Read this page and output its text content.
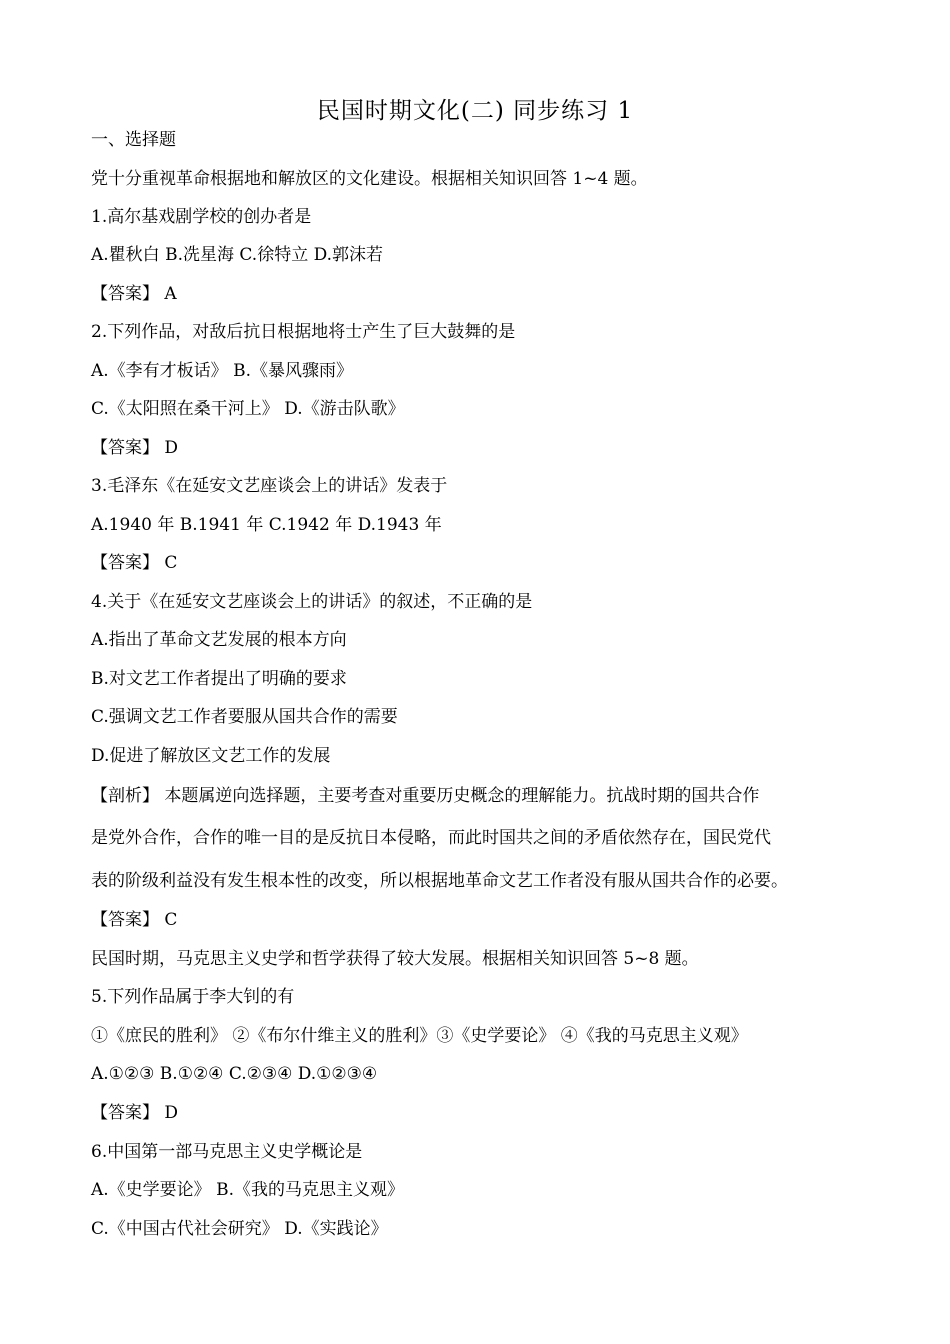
民国时期文化(二) 同步练习 1
一、选择题
党十分重视革命根据地和解放区的文化建设。根据相关知识回答 1~4 题。
1.高尔基戏剧学校的创办者是
A.瞿秋白 B.冼星海 C.徐特立 D.郭沫若
【答案】 A
2.下列作品，对敌后抗日根据地将士产生了巨大鼓舞的是
A.《李有才板话》 B.《暴风骤雨》
C.《太阳照在桑干河上》 D.《游击队歌》
【答案】 D
3.毛泽东《在延安文艺座谈会上的讲话》发表于
A.1940 年 B.1941 年 C.1942 年 D.1943 年
【答案】 C
4.关于《在延安文艺座谈会上的讲话》的叙述，不正确的是
A.指出了革命文艺发展的根本方向
B.对文艺工作者提出了明确的要求
C.强调文艺工作者要服从国共合作的需要
D.促进了解放区文艺工作的发展
【剖析】 本题属逆向选择题，主要考查对重要历史概念的理解能力。抗战时期的国共合作
是党外合作，合作的唯一目的是反抗日本侵略，而此时国共之间的矛盾依然存在，国民党代
表的阶级利益没有发生根本性的改变，所以根据地革命文艺工作者没有服从国共合作的必要。
【答案】 C
民国时期，马克思主义史学和哲学获得了较大发展。根据相关知识回答 5~8 题。
5.下列作品属于李大钊的有
①《庶民的胜利》 ②《布尔什维主义的胜利》③《史学要论》 ④《我的马克思主义观》
A.①②③ B.①②④ C.②③④ D.①②③④
【答案】 D
6.中国第一部马克思主义史学概论是
A.《史学要论》 B.《我的马克思主义观》
C.《中国古代社会研究》 D.《实践论》
